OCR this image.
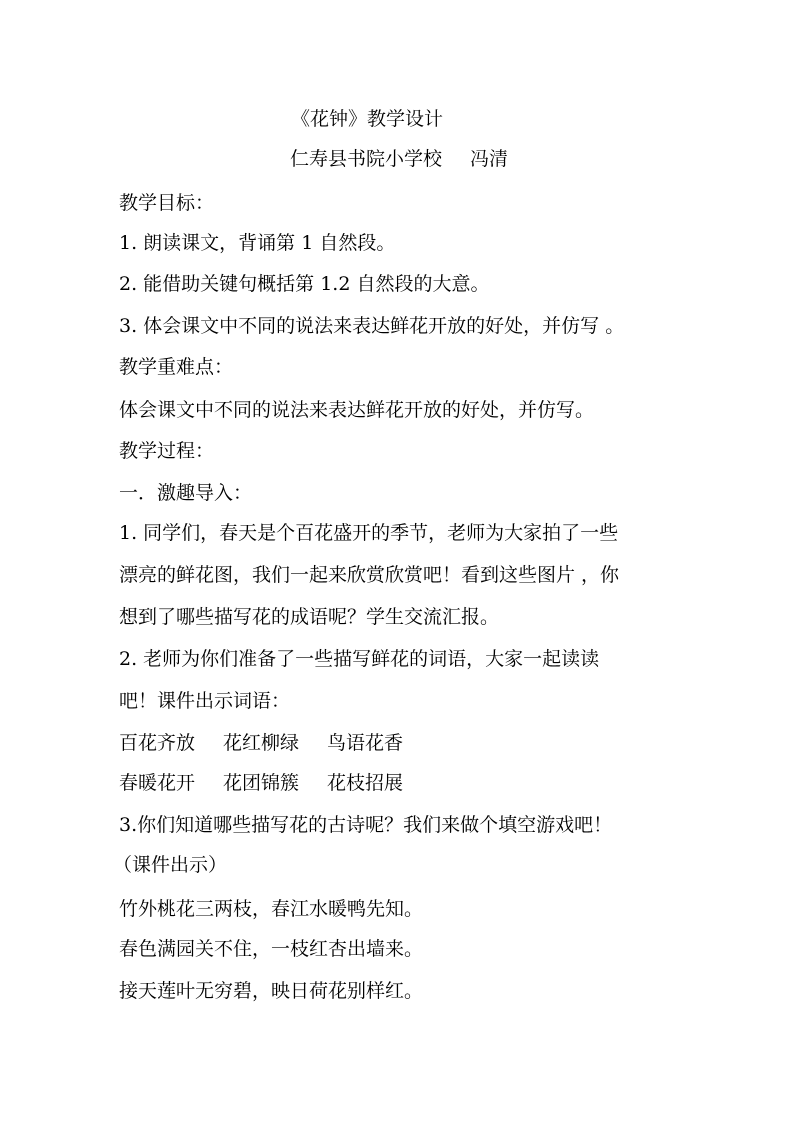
《花钟》教学设计
仁寿县书院小学校 冯清
教学目标：
1. 朗读课文，背诵第 1 自然段。
2. 能借助关键句概括第 1.2 自然段的大意。
3. 体会课文中不同的说法来表达鲜花开放的好处，并仿写 。
教学重难点：
体会课文中不同的说法来表达鲜花开放的好处，并仿写。
教学过程：
一．激趣导入：
1. 同学们，春天是个百花盛开的季节，老师为大家拍了一些
漂亮的鲜花图，我们一起来欣赏欣赏吧！看到这些图片 ，你
想到了哪些描写花的成语呢？学生交流汇报。
2. 老师为你们准备了一些描写鲜花的词语，大家一起读读
吧！课件出示词语：
百花齐放 花红柳绿 鸟语花香
春暖花开 花团锦簇 花枝招展
3.你们知道哪些描写花的古诗呢？我们来做个填空游戏吧！
（课件出示）
竹外桃花三两枝，春江水暖鸭先知。
春色满园关不住，一枝红杏出墙来。
接天莲叶无穷碧，映日荷花别样红。
